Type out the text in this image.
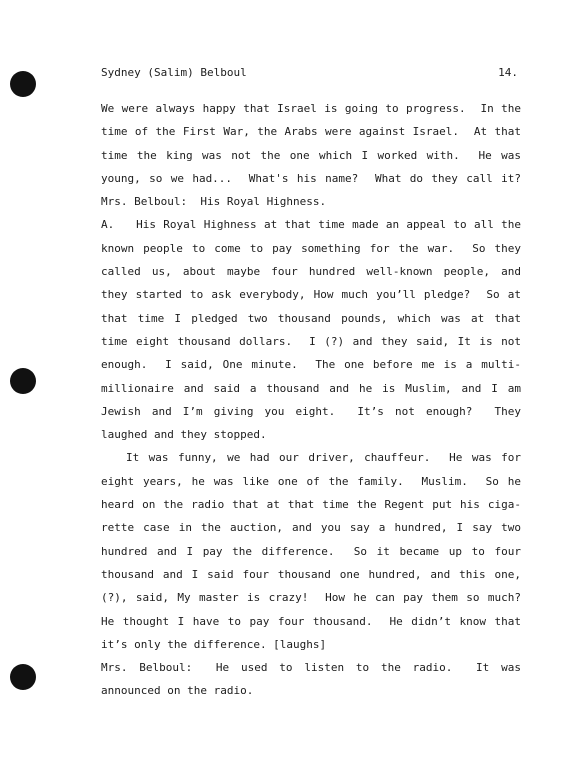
Sydney (Salim) Belboul	14.
We were always happy that Israel is going to progress.  In the
time of the First War, the Arabs were against Israel.  At that
time the king was not the one which I worked with.  He was
young, so we had...  What's his name?  What do they call it?
Mrs. Belboul:  His Royal Highness.
A.   His Royal Highness at that time made an appeal to all the
known people to come to pay something for the war.  So they
called us, about maybe four hundred well-known people, and
they started to ask everybody, How much you’ll pledge?  So at
that time I pledged two thousand pounds, which was at that
time eight thousand dollars.  I (?) and they said, It is not
enough.  I said, One minute.  The one before me is a multi-
millionaire and said a thousand and he is Muslim, and I am
Jewish and I’m giving you eight.  It’s not enough?  They
laughed and they stopped.
It was funny, we had our driver, chauffeur.  He was for
eight years, he was like one of the family.  Muslim.  So he
heard on the radio that at that time the Regent put his ciga-
rette case in the auction, and you say a hundred, I say two
hundred and I pay the difference.  So it became up to four
thousand and I said four thousand one hundred, and this one,
(?), said, My master is crazy!  How he can pay them so much?
He thought I have to pay four thousand.  He didn’t know that
it’s only the difference. [laughs]
Mrs. Belboul:  He used to listen to the radio.  It was
announced on the radio.
